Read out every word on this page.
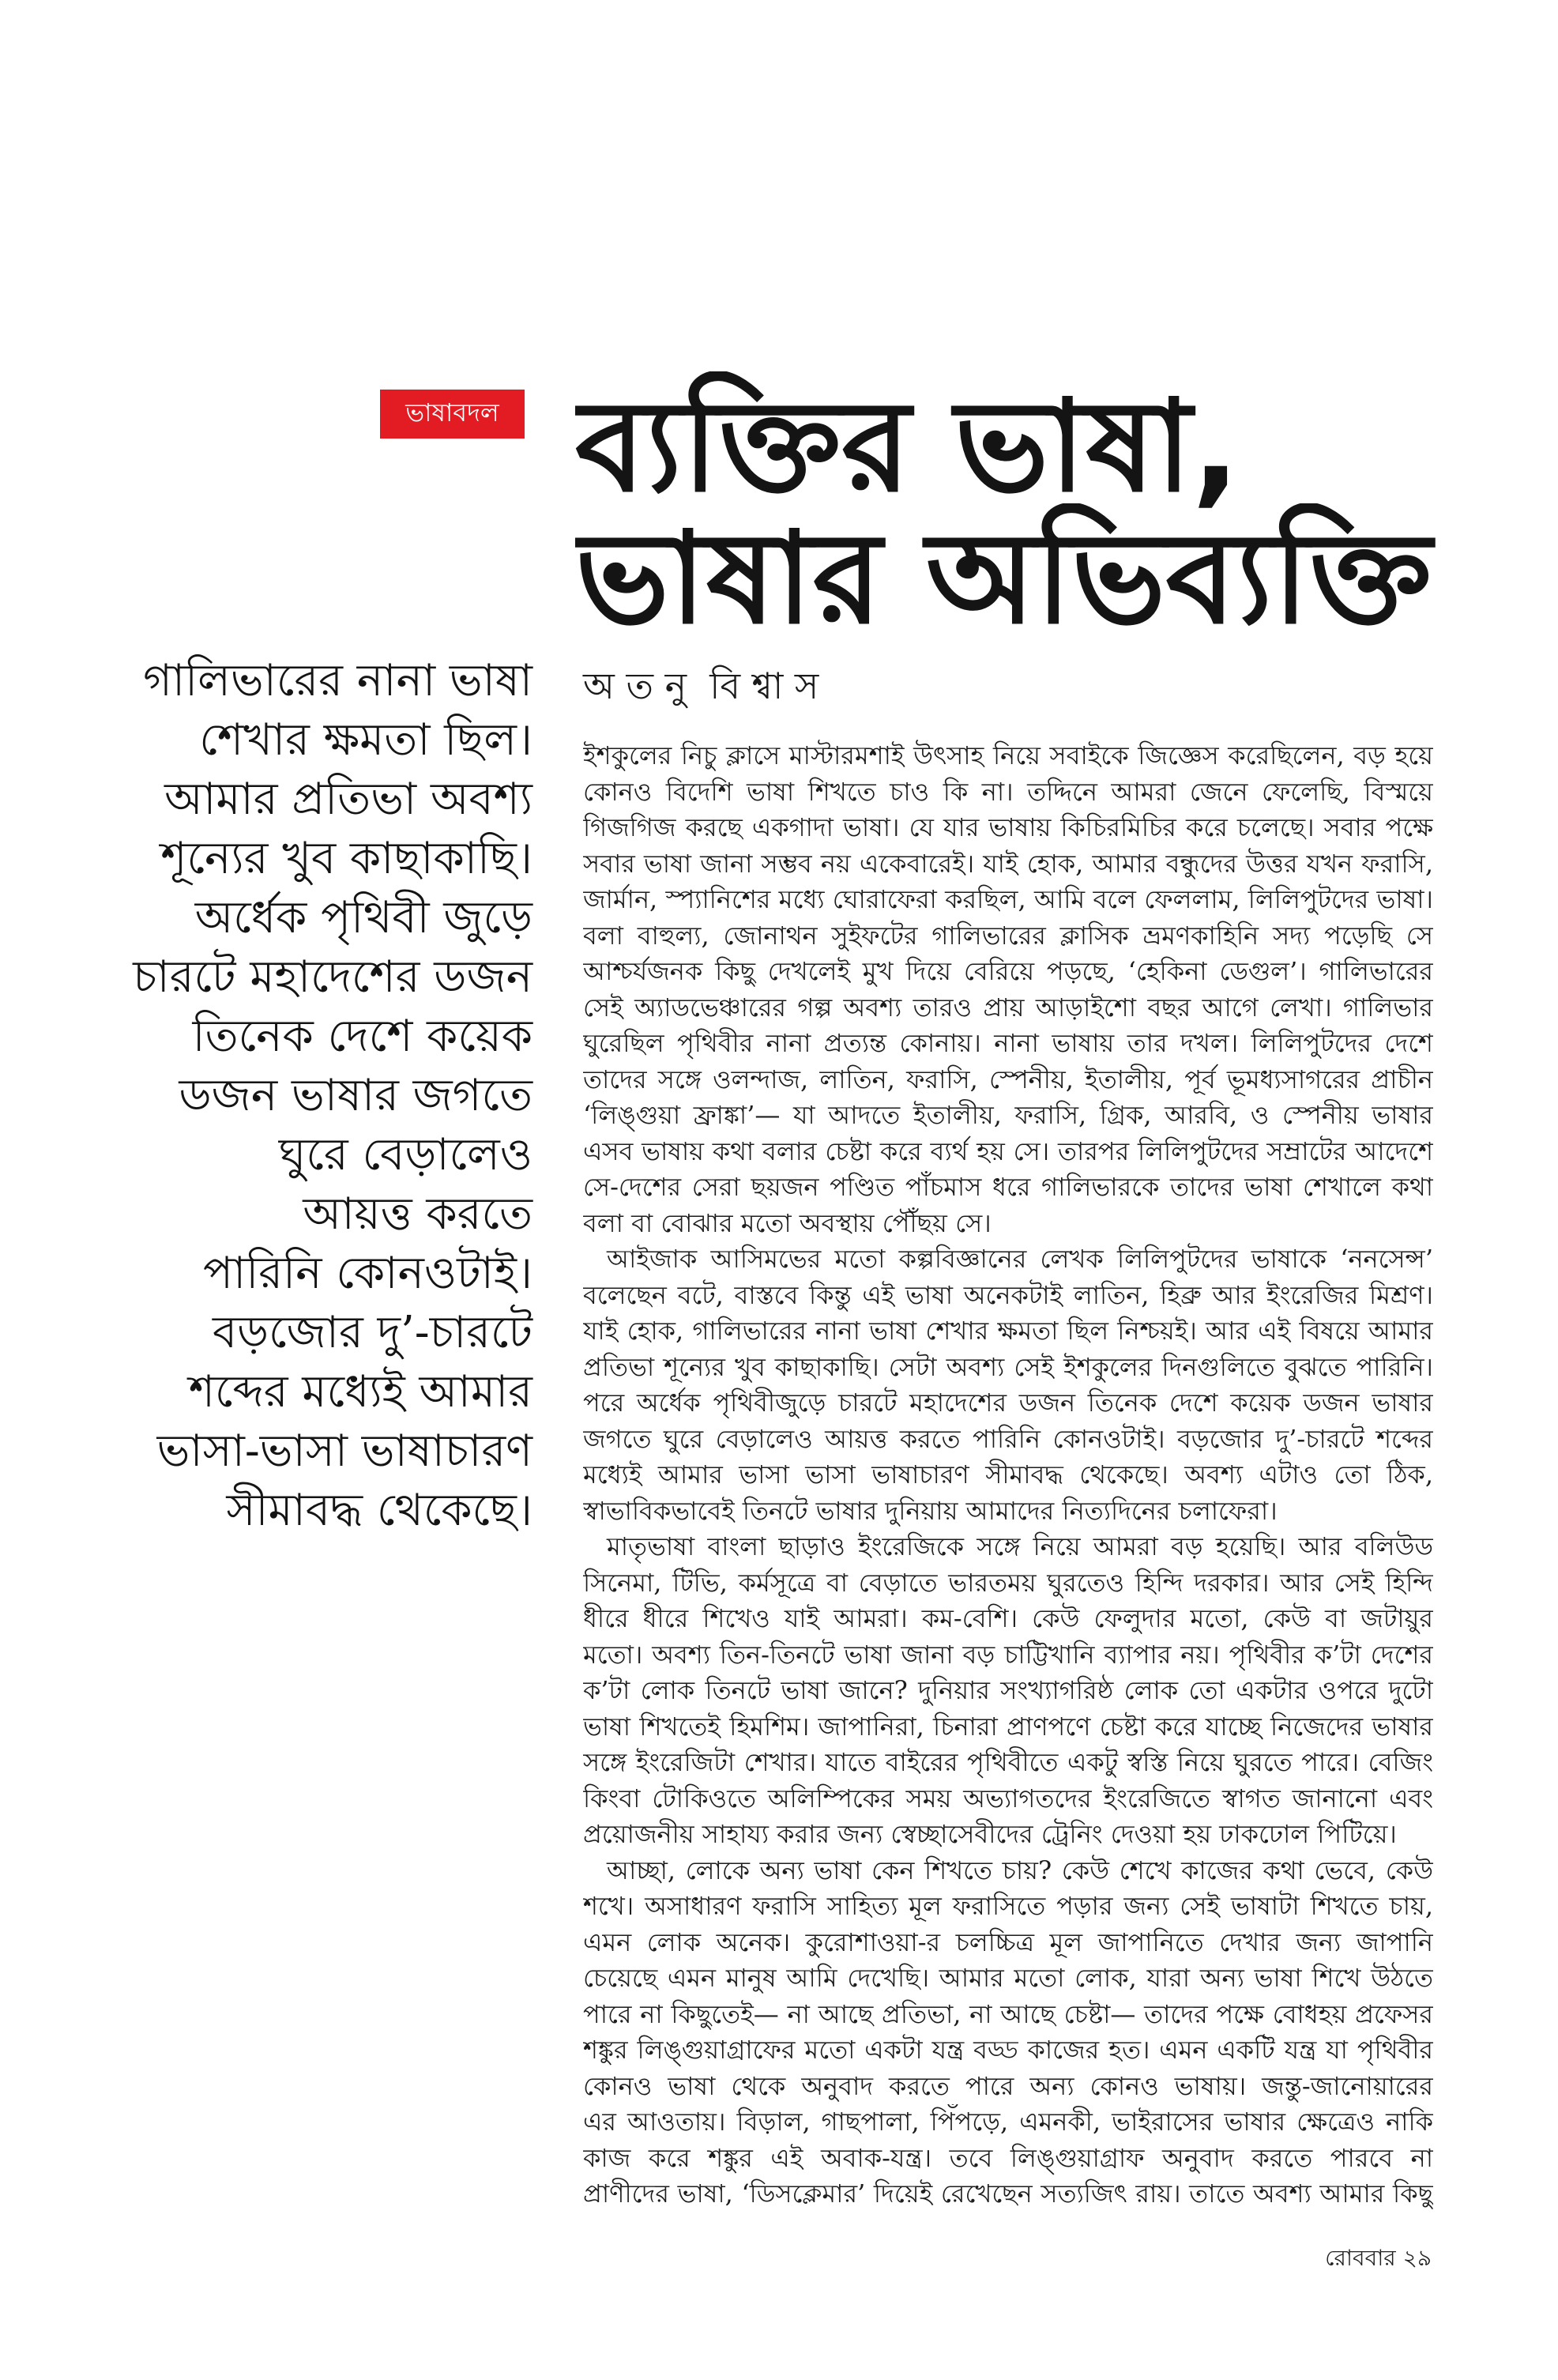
ভাষাবদল ব্যক্তির ভাষা,
ভাষার অভিব্যক্তি
অ ত নু  বি শ্বা স
গালিভারের নানা ভাষা
শেখার ক্ষমতা ছিল।
আমার প্রতিভা অবশ্য
শূন্যের খুব কাছাকাছি।
অর্ধেক পৃথিবী জুড়ে
চারটে মহাদেশের ডজন
তিনেক দেশে কয়েক
ডজন ভাষার জগতে
ঘুরে বেড়ালেও
আয়ত্ত করতে
পারিনি কোনওটাই।
বড়জোর দু’-চারটে
শব্দের মধ্যেই আমার
ভাসা-ভাসা ভাষাচারণ
সীমাবদ্ধ থেকেছে।
ইশকুলের নিচু ক্লাসে মাস্টারমশাই উৎসাহ নিয়ে সবাইকে জিজ্ঞেস করেছিলেন, বড় হয়ে
কোনও বিদেশি ভাষা শিখতে চাও কি না। তদ্দিনে আমরা জেনে ফেলেছি, বিস্ময়ে
গিজগিজ করছে একগাদা ভাষা। যে যার ভাষায় কিচিরমিচির করে চলেছে। সবার পক্ষে
সবার ভাষা জানা সম্ভব নয় একেবারেই। যাই হোক, আমার বন্ধুদের উত্তর যখন ফরাসি,
জার্মান, স্প্যানিশের মধ্যে ঘোরাফেরা করছিল, আমি বলে ফেললাম, লিলিপুটদের ভাষা।
বলা বাহুল্য, জোনাথন সুইফটের গালিভারের ক্লাসিক ভ্রমণকাহিনি সদ্য পড়েছি সে
আশ্চর্যজনক কিছু দেখলেই মুখ দিয়ে বেরিয়ে পড়ছে, ‘হেকিনা ডেগুল’। গালিভারের
সেই অ্যাডভেঞ্চারের গল্প অবশ্য তারও প্রায় আড়াইশো বছর আগে লেখা। গালিভার
ঘুরেছিল পৃথিবীর নানা প্রত্যন্ত কোনায়। নানা ভাষায় তার দখল। লিলিপুটদের দেশে
তাদের সঙ্গে ওলন্দাজ, লাতিন, ফরাসি, স্পেনীয়, ইতালীয়, পূর্ব ভূমধ্যসাগরের প্রাচীন
‘লিঙ্গুয়া ফ্রাঙ্কা’— যা আদতে ইতালীয়, ফরাসি, গ্রিক, আরবি, ও স্পেনীয় ভাষার
এসব ভাষায় কথা বলার চেষ্টা করে ব্যর্থ হয় সে। তারপর লিলিপুটদের সম্রাটের আদেশে
সে-দেশের সেরা ছয়জন পণ্ডিত পাঁচমাস ধরে গালিভারকে তাদের ভাষা শেখালে কথা
বলা বা বোঝার মতো অবস্থায় পৌঁছয় সে।
আইজাক আসিমভের মতো কল্পবিজ্ঞানের লেখক লিলিপুটদের ভাষাকে ‘ননসেন্স’
বলেছেন বটে, বাস্তবে কিন্তু এই ভাষা অনেকটাই লাতিন, হিব্রু আর ইংরেজির মিশ্রণ।
যাই হোক, গালিভারের নানা ভাষা শেখার ক্ষমতা ছিল নিশ্চয়ই। আর এই বিষয়ে আমার
প্রতিভা শূন্যের খুব কাছাকাছি। সেটা অবশ্য সেই ইশকুলের দিনগুলিতে বুঝতে পারিনি।
পরে অর্ধেক পৃথিবীজুড়ে চারটে মহাদেশের ডজন তিনেক দেশে কয়েক ডজন ভাষার
জগতে ঘুরে বেড়ালেও আয়ত্ত করতে পারিনি কোনওটাই। বড়জোর দু’-চারটে শব্দের
মধ্যেই আমার ভাসা ভাসা ভাষাচারণ সীমাবদ্ধ থেকেছে। অবশ্য এটাও তো ঠিক,
স্বাভাবিকভাবেই তিনটে ভাষার দুনিয়ায় আমাদের নিত্যদিনের চলাফেরা।
মাতৃভাষা বাংলা ছাড়াও ইংরেজিকে সঙ্গে নিয়ে আমরা বড় হয়েছি। আর বলিউড
সিনেমা, টিভি, কর্মসূত্রে বা বেড়াতে ভারতময় ঘুরতেও হিন্দি দরকার। আর সেই হিন্দি
ধীরে ধীরে শিখেও যাই আমরা। কম-বেশি। কেউ ফেলুদার মতো, কেউ বা জটায়ুর
মতো। অবশ্য তিন-তিনটে ভাষা জানা বড় চাট্টিখানি ব্যাপার নয়। পৃথিবীর ক’টা দেশের
ক’টা লোক তিনটে ভাষা জানে? দুনিয়ার সংখ্যাগরিষ্ঠ লোক তো একটার ওপরে দুটো
ভাষা শিখতেই হিমশিম। জাপানিরা, চিনারা প্রাণপণে চেষ্টা করে যাচ্ছে নিজেদের ভাষার
সঙ্গে ইংরেজিটা শেখার। যাতে বাইরের পৃথিবীতে একটু স্বস্তি নিয়ে ঘুরতে পারে। বেজিং
কিংবা টোকিওতে অলিম্পিকের সময় অভ্যাগতদের ইংরেজিতে স্বাগত জানানো এবং
প্রয়োজনীয় সাহায্য করার জন্য স্বেচ্ছাসেবীদের ট্রেনিং দেওয়া হয় ঢাকঢোল পিটিয়ে।
আচ্ছা, লোকে অন্য ভাষা কেন শিখতে চায়? কেউ শেখে কাজের কথা ভেবে, কেউ
শখে। অসাধারণ ফরাসি সাহিত্য মূল ফরাসিতে পড়ার জন্য সেই ভাষাটা শিখতে চায়,
এমন লোক অনেক। কুরোশাওয়া-র চলচ্চিত্র মূল জাপানিতে দেখার জন্য জাপানি
চেয়েছে এমন মানুষ আমি দেখেছি। আমার মতো লোক, যারা অন্য ভাষা শিখে উঠতে
পারে না কিছুতেই— না আছে প্রতিভা, না আছে চেষ্টা— তাদের পক্ষে বোধহয় প্রফেসর
শঙ্কুর লিঙ্গুয়াগ্রাফের মতো একটা যন্ত্র বড্ড কাজের হত। এমন একটি যন্ত্র যা পৃথিবীর
কোনও ভাষা থেকে অনুবাদ করতে পারে অন্য কোনও ভাষায়। জন্তু-জানোয়ারের
এর আওতায়। বিড়াল, গাছপালা, পিঁপড়ে, এমনকী, ভাইরাসের ভাষার ক্ষেত্রেও নাকি
কাজ করে শঙ্কুর এই অবাক-যন্ত্র। তবে লিঙ্গুয়াগ্রাফ অনুবাদ করতে পারবে না
প্রাণীদের ভাষা, ‘ডিসক্লেমার’ দিয়েই রেখেছেন সত্যজিৎ রায়। তাতে অবশ্য আমার কিছু
রোববার ২৯
